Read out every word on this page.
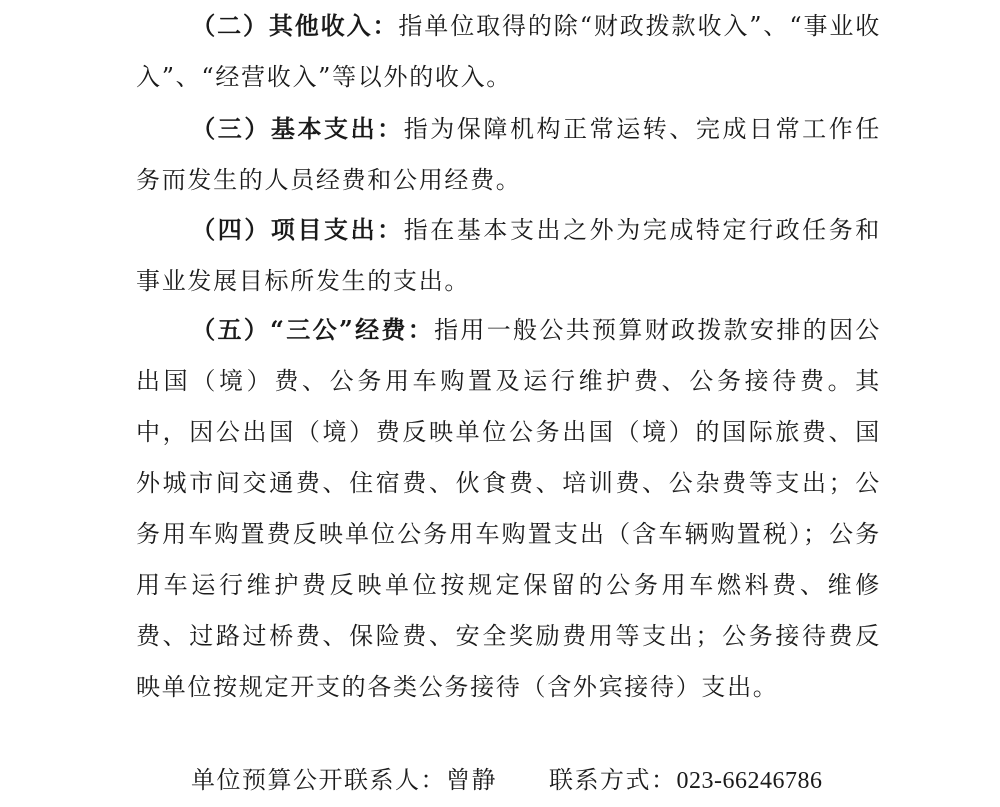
（二）其他收入：指单位取得的除“财政拨款收入”、“事业收入”、“经营收入”等以外的收入。

（三）基本支出：指为保障机构正常运转、完成日常工作任务而发生的人员经费和公用经费。

（四）项目支出：指在基本支出之外为完成特定行政任务和事业发展目标所发生的支出。

（五）“三公”经费：指用一般公共预算财政拨款安排的因公出国（境）费、公务用车购置及运行维护费、公务接待费。其中，因公出国（境）费反映单位公务出国（境）的国际旅费、国外城市间交通费、住宿费、伙食费、培训费、公杂费等支出；公务用车购置费反映单位公务用车购置支出（含车辆购置税）；公务用车运行维护费反映单位按规定保留的公务用车燃料费、维修费、过路过桥费、保险费、安全奖励费用等支出；公务接待费反映单位按规定开支的各类公务接待（含外宾接待）支出。

单位预算公开联系人：曾静 联系方式：023-66246786
